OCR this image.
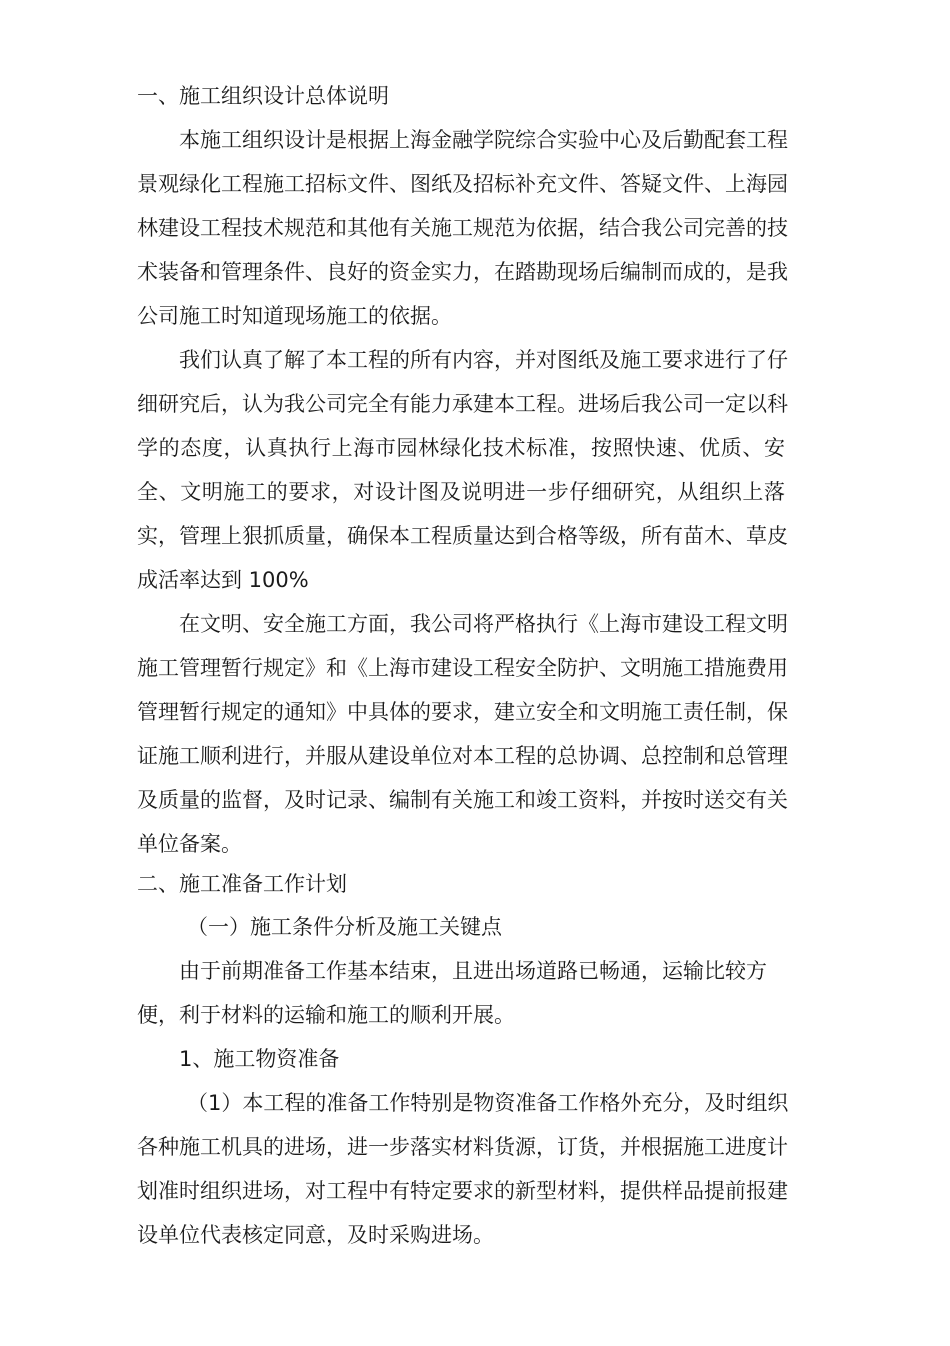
一、施工组织设计总体说明
本施工组织设计是根据上海金融学院综合实验中心及后勤配套工程
景观绿化工程施工招标文件、图纸及招标补充文件、答疑文件、上海园
林建设工程技术规范和其他有关施工规范为依据，结合我公司完善的技
术装备和管理条件、良好的资金实力，在踏勘现场后编制而成的，是我
公司施工时知道现场施工的依据。
我们认真了解了本工程的所有内容，并对图纸及施工要求进行了仔
细研究后，认为我公司完全有能力承建本工程。进场后我公司一定以科
学的态度，认真执行上海市园林绿化技术标准，按照快速、优质、安
全、文明施工的要求，对设计图及说明进一步仔细研究，从组织上落
实，管理上狠抓质量，确保本工程质量达到合格等级，所有苗木、草皮
成活率达到 100%
在文明、安全施工方面，我公司将严格执行《上海市建设工程文明
施工管理暂行规定》和《上海市建设工程安全防护、文明施工措施费用
管理暂行规定的通知》中具体的要求，建立安全和文明施工责任制，保
证施工顺利进行，并服从建设单位对本工程的总协调、总控制和总管理
及质量的监督，及时记录、编制有关施工和竣工资料，并按时送交有关
单位备案。
二、施工准备工作计划
（一）施工条件分析及施工关键点
由于前期准备工作基本结束，且进出场道路已畅通，运输比较方
便，利于材料的运输和施工的顺利开展。
1、施工物资准备
（1）本工程的准备工作特别是物资准备工作格外充分，及时组织
各种施工机具的进场，进一步落实材料货源，订货，并根据施工进度计
划准时组织进场，对工程中有特定要求的新型材料，提供样品提前报建
设单位代表核定同意，及时采购进场。
